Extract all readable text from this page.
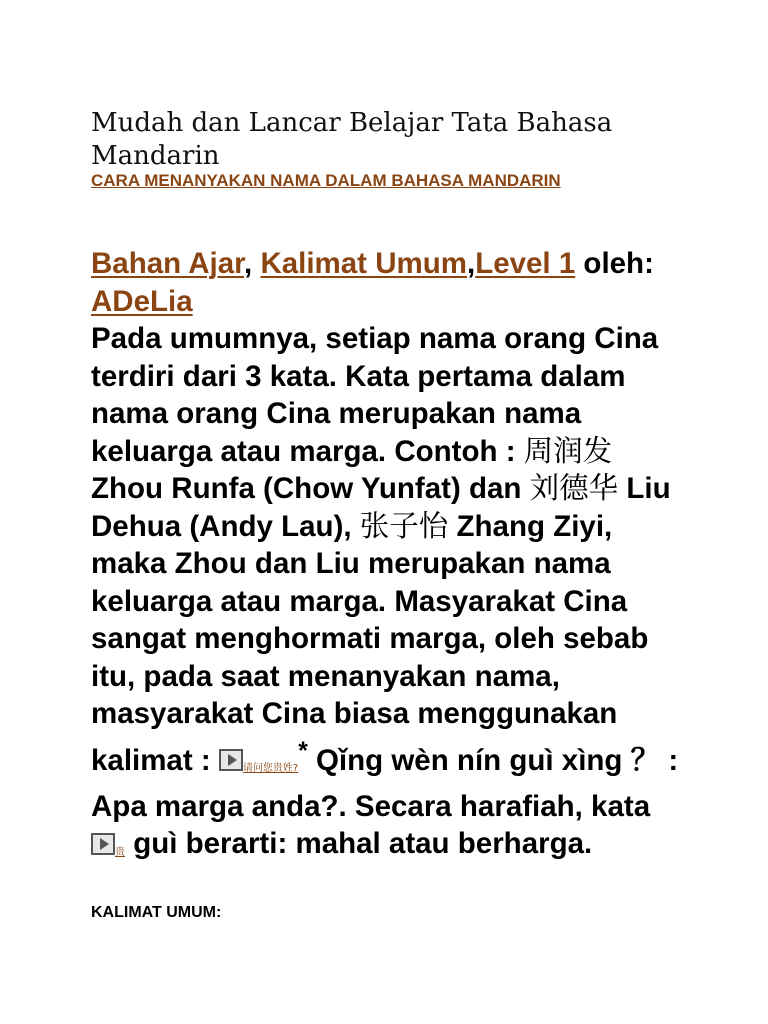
Mudah dan Lancar Belajar Tata Bahasa Mandarin
CARA MENANYAKAN NAMA DALAM BAHASA MANDARIN
Bahan Ajar, Kalimat Umum,Level 1 oleh: ADeLia
Pada umumnya, setiap nama orang Cina terdiri dari 3 kata. Kata pertama dalam nama orang Cina merupakan nama keluarga atau marga. Contoh : 周润发 Zhou Runfa (Chow Yunfat) dan 刘德华 Liu Dehua (Andy Lau), 张子怡 Zhang Ziyi, maka Zhou dan Liu merupakan nama keluarga atau marga. Masyarakat Cina sangat menghormati marga, oleh sebab itu, pada saat menanyakan nama, masyarakat Cina biasa menggunakan kalimat : 请问您贵姓?* Qǐng wèn nín guì xìng ？ : Apa marga anda?. Secara harafiah, kata 贵 guì berarti: mahal atau berharga.
KALIMAT UMUM:
